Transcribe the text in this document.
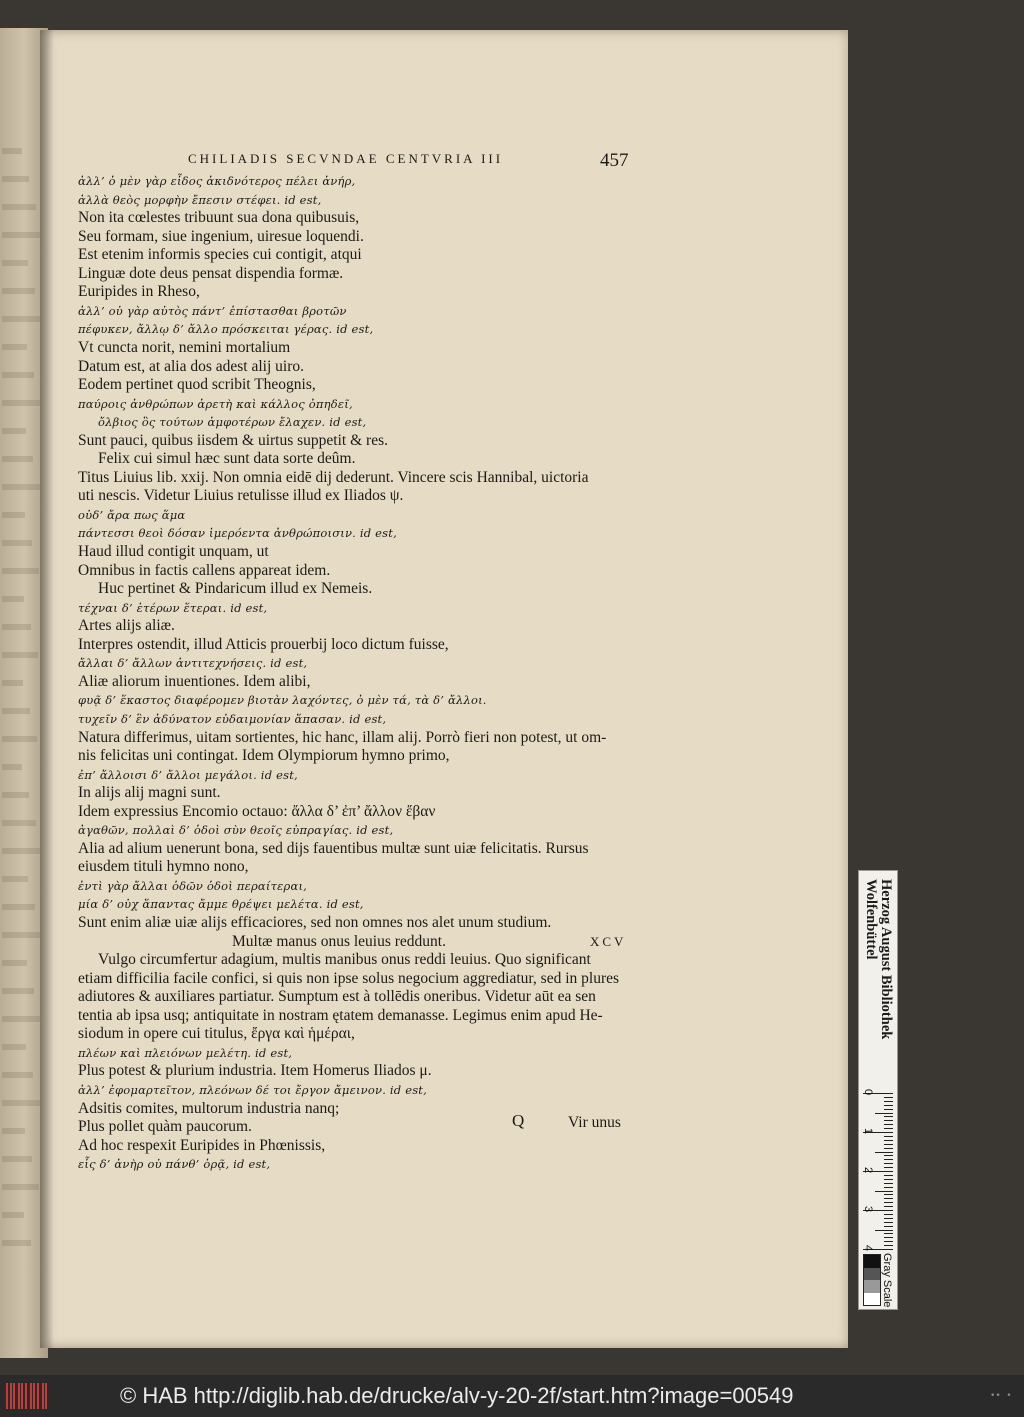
CHILIADIS SECVNDAE CENTVRIA III	457
ἀλλ’ ὁ μὲν γὰρ εἶδος ἀκιδνότερος πέλει ἀνήρ,
ἀλλὰ θεὸς μορφὴν ἔπεσιν στέφει. id est,
Non ita cœlestes tribuunt sua dona quibusuis,
Seu formam, siue ingenium, uiresue loquendi.
Est etenim informis species cui contigit, atqui
Linguæ dote deus pensat dispendia formæ.
Euripides in Rheso,
ἀλλ’ οὐ γὰρ αὐτὸς πάντ’ ἐπίστασθαι βροτῶν
πέφυκεν, ἄλλῳ δ’ ἄλλο πρόσκειται γέρας. id est,
Vt cuncta norit, nemini mortalium
Datum est, at alia dos adest alij uiro.
Eodem pertinet quod scribit Theognis,
παύροις ἀνθρώπων ἀρετὴ καὶ κάλλος ὀπηδεῖ,
ὄλβιος ὃς τούτων ἀμφοτέρων ἔλαχεν. id est,
Sunt pauci, quibus iisdem & uirtus suppetit & res.
Felix cui simul hæc sunt data sorte deûm.
Titus Liuius lib. xxij. Non omnia eidē dij dederunt. Vincere scis Hannibal, uictoria
uti nescis. Videtur Liuius retulisse illud ex Iliados ψ.
οὐδ’ ἄρα πως ἅμα
πάντεσσι θεοὶ δόσαν ἱμερόεντα ἀνθρώποισιν. id est,
Haud illud contigit unquam, ut
Omnibus in factis callens appareat idem.
Huc pertinet & Pindaricum illud ex Nemeis.
τέχναι δ’ ἑτέρων ἕτεραι. id est,
Artes alijs aliæ.
Interpres ostendit, illud Atticis prouerbij loco dictum fuisse,
ἄλλαι δ’ ἄλλων ἀντιτεχνήσεις. id est,
Aliæ aliorum inuentiones. Idem alibi,
φυᾷ δ’ ἕκαστος διαφέρομεν βιοτὰν λαχόντες, ὁ μὲν τά, τὰ δ’ ἄλλοι.
τυχεῖν δ’ ἓν ἀδύνατον εὐδαιμονίαν ἅπασαν. id est,
Natura differimus, uitam sortientes, hic hanc, illam alij. Porrò fieri non potest, ut om-
nis felicitas uni contingat. Idem Olympiorum hymno primo,
ἐπ’ ἄλλοισι δ’ ἄλλοι μεγάλοι. id est,
In alijs alij magni sunt.
Idem expressius Encomio octauo: ἄλλα δ’ ἐπ’ ἄλλον ἔβαν
ἀγαθῶν, πολλαὶ δ’ ὁδοὶ σὺν θεοῖς εὐπραγίας. id est,
Alia ad alium uenerunt bona, sed dijs fauentibus multæ sunt uiæ felicitatis. Rursus
eiusdem tituli hymno nono,
ἐντὶ γὰρ ἄλλαι ὁδῶν ὁδοὶ περαίτεραι,
μία δ’ οὐχ ἅπαντας ἄμμε θρέψει μελέτα. id est,
Sunt enim aliæ uiæ alijs efficaciores, sed non omnes nos alet unum studium.
Multæ manus onus leuius reddunt.	XCV
Vulgo circumfertur adagium, multis manibus onus reddi leuius. Quo significant
etiam difficilia facile confici, si quis non ipse solus negocium aggrediatur, sed in plures
adiutores & auxiliares partiatur. Sumptum est à tollēdis oneribus. Videtur aūt ea sen
tentia ab ipsa usq; antiquitate in nostram ętatem demanasse. Legimus enim apud He-
siodum in opere cui titulus, ἔργα καὶ ἡμέραι,
πλέων καὶ πλειόνων μελέτη. id est,
Plus potest & plurium industria. Item Homerus Iliados μ.
ἀλλ’ ἐφομαρτεῖτον, πλεόνων δέ τοι ἔργον ἄμεινον. id est,
Adsitis comites, multorum industria nanq;
Plus pollet quàm paucorum.
Ad hoc respexit Euripides in Phœnissis,
εἷς δ’ ἀνὴρ οὐ πάνθ’ ὁρᾷ, id est,
Q	Vir unus
Herzog August Bibliothek
Wolfenbüttel
0
1
2
3
4
Gray Scale
© HAB http://diglib.hab.de/drucke/alv-y-20-2f/start.htm?image=00549	•• •
